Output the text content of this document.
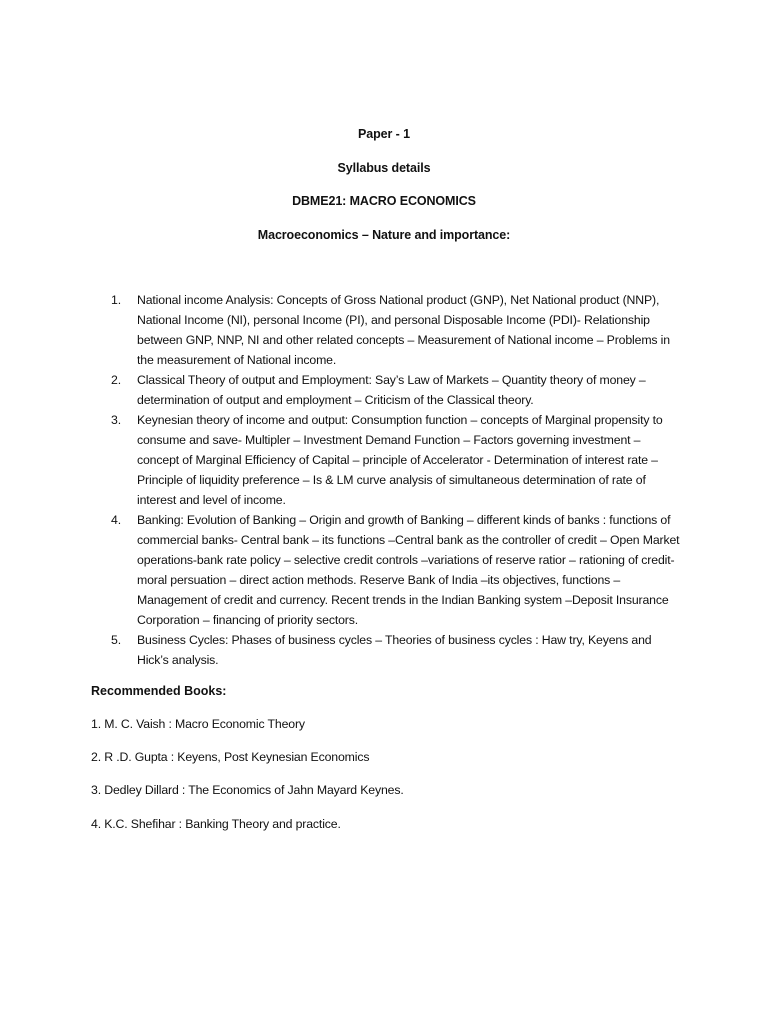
Paper - 1
Syllabus details
DBME21: MACRO ECONOMICS
Macroeconomics – Nature and importance:
1. National income Analysis: Concepts of Gross National product (GNP), Net National product (NNP), National Income (NI), personal Income (PI), and personal Disposable Income (PDI)- Relationship between GNP, NNP, NI and other related concepts – Measurement of National income – Problems in the measurement of National income.
2. Classical Theory of output and Employment: Say’s Law of Markets – Quantity theory of money – determination of output and employment – Criticism of the Classical theory.
3. Keynesian theory of income and output: Consumption function – concepts of Marginal propensity to consume and save- Multipler – Investment Demand Function – Factors governing investment – concept of Marginal Efficiency of Capital – principle of Accelerator - Determination of interest rate – Principle of liquidity preference – Is & LM curve analysis of simultaneous determination of rate of interest and level of income.
4. Banking: Evolution of Banking – Origin and growth of Banking – different kinds of banks : functions of commercial banks- Central bank – its functions –Central bank as the controller of credit – Open Market operations-bank rate policy – selective credit controls –variations of reserve ratior – rationing of credit- moral persuation – direct action methods. Reserve Bank of India –its objectives, functions – Management of credit and currency. Recent trends in the Indian Banking system –Deposit Insurance Corporation – financing of priority sectors.
5. Business Cycles: Phases of business cycles – Theories of business cycles : Haw try, Keyens and Hick’s analysis.
Recommended Books:
1. M. C. Vaish : Macro Economic Theory
2. R .D. Gupta : Keyens, Post Keynesian Economics
3. Dedley Dillard : The Economics of Jahn Mayard Keynes.
4. K.C. Shefihar : Banking Theory and practice.
